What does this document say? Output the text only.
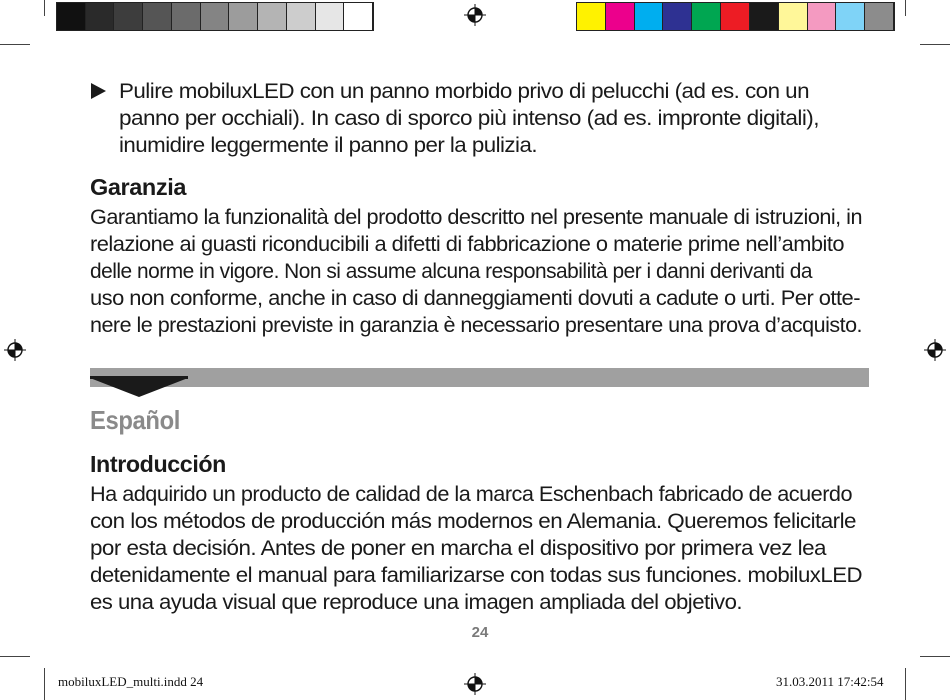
Pulire mobiluxLED con un panno morbido privo di pelucchi (ad es. con un
panno per occhiali). In caso di sporco più intenso (ad es. impronte digitali),
inumidire leggermente il panno per la pulizia.
Garanzia
Garantiamo la funzionalità del prodotto descritto nel presente manuale di istruzioni, in
relazione ai guasti riconducibili a difetti di fabbricazione o materie prime nell’ambito
delle norme in vigore. Non si assume alcuna responsabilità per i danni derivanti da
uso non conforme, anche in caso di danneggiamenti dovuti a cadute o urti. Per otte-
nere le prestazioni previste in garanzia è necessario presentare una prova d’acquisto.
Español
Introducción
Ha adquirido un producto de calidad de la marca Eschenbach fabricado de acuerdo
con los métodos de producción más modernos en Alemania. Queremos felicitarle
por esta decisión. Antes de poner en marcha el dispositivo por primera vez lea
detenidamente el manual para familiarizarse con todas sus funciones. mobiluxLED
es una ayuda visual que reproduce una imagen ampliada del objetivo.
24
mobiluxLED_multi.indd 24	31.03.2011 17:42:54
